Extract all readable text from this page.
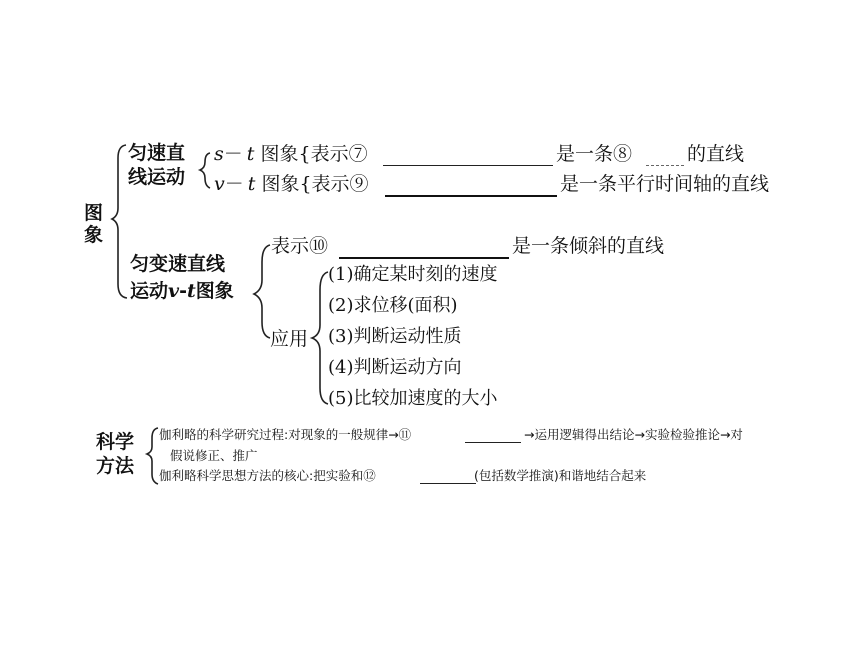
图
象
匀速直
线运动
s－ t 图象{表示⑦	是一条⑧	的直线
v－ t 图象{表示⑨	是一条平行时间轴的直线
匀变速直线
运动v-t图象
表示⑩	是一条倾斜的直线
应用
(1)确定某时刻的速度
(2)求位移(面积)
(3)判断运动性质
(4)判断运动方向
(5)比较加速度的大小
科学
方法
伽利略的科学研究过程:对现象的一般规律→⑪	→运用逻辑得出结论→实验检验推论→对
假说修正、推广
伽利略科学思想方法的核心:把实验和⑫	(包括数学推演)和谐地结合起来
